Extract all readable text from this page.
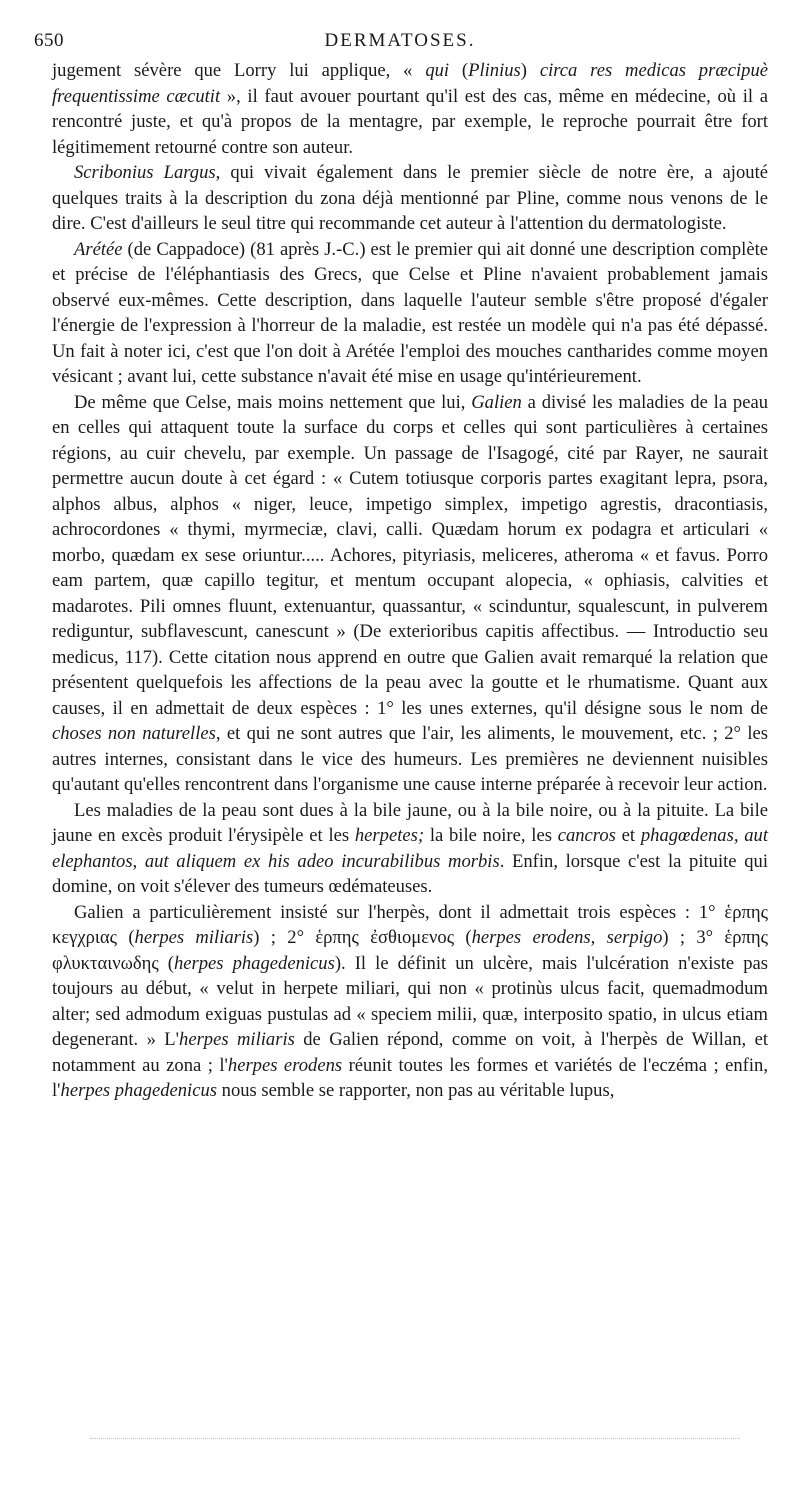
650	DERMATOSES.

jugement sévère que Lorry lui applique, « qui (Plinius) circa res medicas præcipuè frequentissime cæcutit », il faut avouer pourtant qu'il est des cas, même en médecine, où il a rencontré juste, et qu'à propos de la mentagre, par exemple, le reproche pourrait être fort légitimement retourné contre son auteur.

Scribonius Largus, qui vivait également dans le premier siècle de notre ère, a ajouté quelques traits à la description du zona déjà mentionné par Pline, comme nous venons de le dire. C'est d'ailleurs le seul titre qui recommande cet auteur à l'attention du dermatologiste.

Arétée (de Cappadoce) (81 après J.-C.) est le premier qui ait donné une description complète et précise de l'éléphantiasis des Grecs, que Celse et Pline n'avaient probablement jamais observé eux-mêmes. Cette description, dans laquelle l'auteur semble s'être proposé d'égaler l'énergie de l'expression à l'horreur de la maladie, est restée un modèle qui n'a pas été dépassé. Un fait à noter ici, c'est que l'on doit à Arétée l'emploi des mouches cantharides comme moyen vésicant ; avant lui, cette substance n'avait été mise en usage qu'intérieurement.

De même que Celse, mais moins nettement que lui, Galien a divisé les maladies de la peau en celles qui attaquent toute la surface du corps et celles qui sont particulières à certaines régions, au cuir chevelu, par exemple. Un passage de l'Isagogé, cité par Rayer, ne saurait permettre aucun doute à cet égard : « Cutem totiusque corporis partes exagitant lepra, psora, alphos albus, alphos « niger, leuce, impetigo simplex, impetigo agrestis, dracontiasis, achrocordones « thymi, myrmeciæ, clavi, calli. Quædam horum ex podagra et articulari « morbo, quædam ex sese oriuntur..... Achores, pityriasis, meliceres, atheroma « et favus. Porro eam partem, quæ capillo tegitur, et mentum occupant alopecia, « ophiasis, calvities et madarotes. Pili omnes fluunt, extenuantur, quassantur, « scinduntur, squalescunt, in pulverem rediguntur, subflavescunt, canescunt » (De exterioribus capitis affectibus. — Introductio seu medicus, 117). Cette citation nous apprend en outre que Galien avait remarqué la relation que présentent quelquefois les affections de la peau avec la goutte et le rhumatisme. Quant aux causes, il en admettait de deux espèces : 1° les unes externes, qu'il désigne sous le nom de choses non naturelles, et qui ne sont autres que l'air, les aliments, le mouvement, etc. ; 2° les autres internes, consistant dans le vice des humeurs. Les premières ne deviennent nuisibles qu'autant qu'elles rencontrent dans l'organisme une cause interne préparée à recevoir leur action.

Les maladies de la peau sont dues à la bile jaune, ou à la bile noire, ou à la pituite. La bile jaune en excès produit l'érysipèle et les herpetes; la bile noire, les cancros et phagœdenas, aut elephantos, aut aliquem ex his adeo incurabilibus morbis. Enfin, lorsque c'est la pituite qui domine, on voit s'élever des tumeurs œdémateuses.

Galien a particulièrement insisté sur l'herpès, dont il admettait trois espèces : 1° ἑρπης κεγχριας (herpes miliaris) ; 2° ἑρπης ἐσθιομενος (herpes erodens, serpigo) ; 3° ἑρπης φλυκταινωδης (herpes phagedenicus). Il le définit un ulcère, mais l'ulcération n'existe pas toujours au début, « velut in herpete miliari, qui non « protinùs ulcus facit, quemadmodum alter; sed admodum exiguas pustulas ad « speciem milii, quæ, interposito spatio, in ulcus etiam degenerant. » L'herpes miliaris de Galien répond, comme on voit, à l'herpès de Willan, et notamment au zona ; l'herpes erodens réunit toutes les formes et variétés de l'eczéma ; enfin, l'herpes phagedenicus nous semble se rapporter, non pas au véritable lupus,
